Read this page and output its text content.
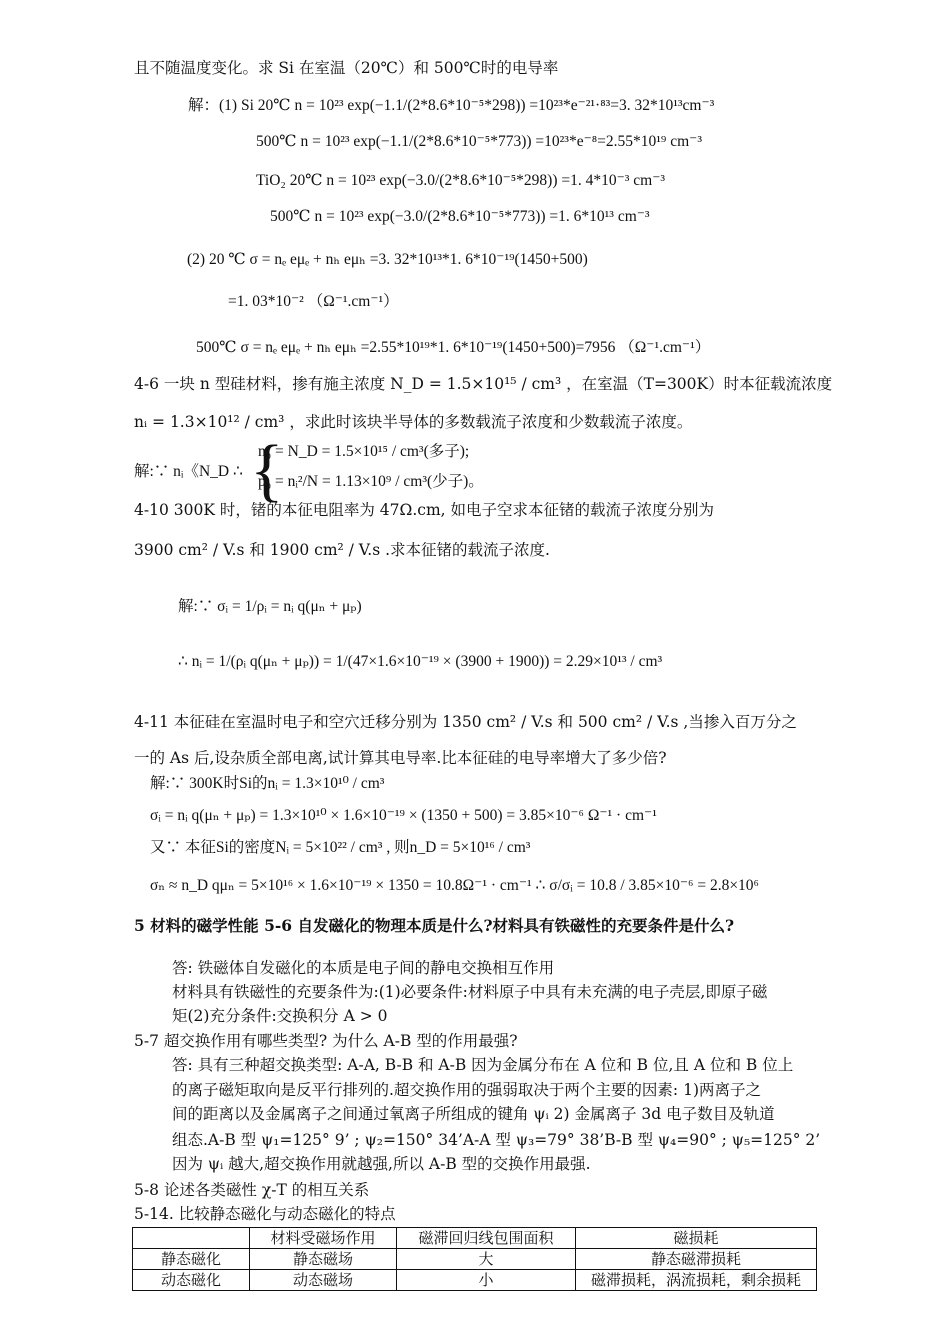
且不随温度变化。求 Si 在室温（20℃）和 500℃时的电导率
解：(1) Si 20℃ n = 10²³ exp(−1.1/(2*8.6*10⁻⁵*298)) =10²³*e⁻²¹·⁸³=3. 32*10¹³cm⁻³
500℃ n = 10²³ exp(−1.1/(2*8.6*10⁻⁵*773)) =10²³*e⁻⁸=2.55*10¹⁹ cm⁻³
TiO₂ 20℃ n = 10²³ exp(−3.0/(2*8.6*10⁻⁵*298)) =1. 4*10⁻³ cm⁻³
500℃ n = 10²³ exp(−3.0/(2*8.6*10⁻⁵*773)) =1. 6*10¹³ cm⁻³
(2) 20 ℃ σ = nₑ eμₑ + nₕ eμₕ =3. 32*10¹³*1. 6*10⁻¹⁹(1450+500)
=1. 03*10⁻² （Ω⁻¹.cm⁻¹）
500℃ σ = nₑ eμₑ + nₕ eμₕ =2.55*10¹⁹*1. 6*10⁻¹⁹(1450+500)=7956 （Ω⁻¹.cm⁻¹）
4-6 一块 n 型硅材料，掺有施主浓度 N_D = 1.5×10¹⁵ / cm³ ，在室温（T=300K）时本征载流浓度
nᵢ = 1.3×10¹² / cm³ ，求此时该块半导体的多数载流子浓度和少数载流子浓度。
{
n₀ = N_D = 1.5×10¹⁵ / cm³(多子);
解:∵ nᵢ《N_D ∴
p₀ = nᵢ²/N = 1.13×10⁹ / cm³(少子)。
4-10 300K 时，锗的本征电阻率为 47Ω.cm, 如电子空求本征锗的载流子浓度分别为
3900 cm² / V.s 和 1900 cm² / V.s .求本征锗的载流子浓度.
解:∵ σᵢ = 1/ρᵢ = nᵢ q(μₙ + μₚ)
∴ nᵢ = 1/(ρᵢ q(μₙ + μₚ)) = 1/(47×1.6×10⁻¹⁹ × (3900 + 1900)) = 2.29×10¹³ / cm³
4-11 本征硅在室温时电子和空穴迁移分别为 1350 cm² / V.s 和 500 cm² / V.s ,当掺入百万分之
一的 As 后,设杂质全部电离,试计算其电导率.比本征硅的电导率增大了多少倍?
解:∵ 300K时Si的nᵢ = 1.3×10¹⁰ / cm³
σᵢ = nᵢ q(μₙ + μₚ) = 1.3×10¹⁰ × 1.6×10⁻¹⁹ × (1350 + 500) = 3.85×10⁻⁶ Ω⁻¹ · cm⁻¹
又∵ 本征Si的密度Nᵢ = 5×10²² / cm³ , 则n_D = 5×10¹⁶ / cm³
σₙ ≈ n_D qμₙ = 5×10¹⁶ × 1.6×10⁻¹⁹ × 1350 = 10.8Ω⁻¹ · cm⁻¹ ∴ σ/σᵢ = 10.8 / 3.85×10⁻⁶ = 2.8×10⁶
5 材料的磁学性能 5-6 自发磁化的物理本质是什么?材料具有铁磁性的充要条件是什么?
答: 铁磁体自发磁化的本质是电子间的静电交换相互作用
材料具有铁磁性的充要条件为:(1)必要条件:材料原子中具有未充满的电子壳层,即原子磁
矩(2)充分条件:交换积分 A > 0
5-7 超交换作用有哪些类型? 为什么 A-B 型的作用最强?
答: 具有三种超交换类型: A-A, B-B 和 A-B 因为金属分布在 A 位和 B 位,且 A 位和 B 位上
的离子磁矩取向是反平行排列的.超交换作用的强弱取决于两个主要的因素: 1)两离子之
间的距离以及金属离子之间通过氧离子所组成的键角 ψᵢ 2) 金属离子 3d 电子数目及轨道
组态.A-B 型 ψ₁=125° 9’ ; ψ₂=150° 34’A-A 型 ψ₃=79° 38’B-B 型 ψ₄=90° ; ψ₅=125° 2’
因为 ψᵢ 越大,超交换作用就越强,所以 A-B 型的交换作用最强.
5-8 论述各类磁性 χ-T 的相互关系
5-14. 比较静态磁化与动态磁化的特点
	材料受磁场作用	磁滞回归线包围面积	磁损耗
静态磁化	静态磁场	大	静态磁滞损耗
动态磁化	动态磁场	小	磁滞损耗，涡流损耗，剩余损耗
